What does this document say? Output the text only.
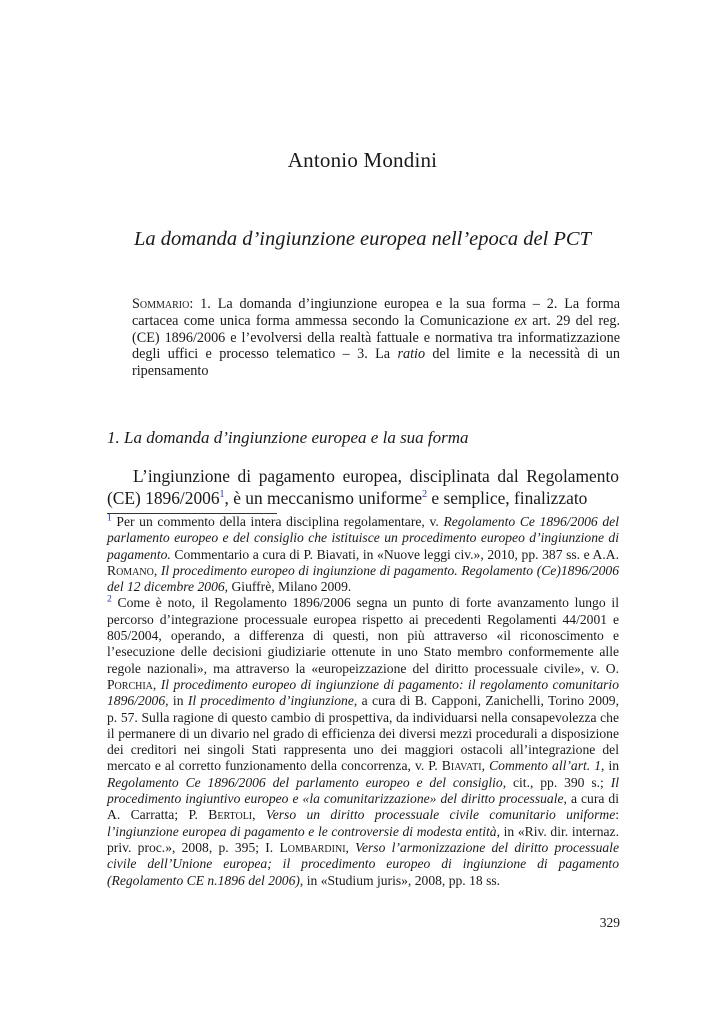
Antonio Mondini
La domanda d’ingiunzione europea nell’epoca del PCT
Sommario: 1. La domanda d’ingiunzione europea e la sua forma – 2. La forma cartacea come unica forma ammessa secondo la Comunicazione ex art. 29 del reg. (CE) 1896/2006 e l’evolversi della realtà fattuale e normativa tra informatizzazione degli uffici e processo telematico – 3. La ratio del limite e la necessità di un ripensamento
1. La domanda d’ingiunzione europea e la sua forma
L’ingiunzione di pagamento europea, disciplinata dal Regolamento (CE) 1896/2006$^1$, è un meccanismo uniforme$^2$ e semplice, finalizzato

$^1$ Per un commento della intera disciplina regolamentare, v. Regolamento Ce 1896/2006 del parlamento europeo e del consiglio che istituisce un procedimento europeo d’ingiunzione di pagamento. Commentario a cura di P. Biavati, in «Nuove leggi civ.», 2010, pp. 387 ss. e A.A. Romano, Il procedimento europeo di ingiunzione di pagamento. Regolamento (Ce)1896/2006 del 12 dicembre 2006, Giuffrè, Milano 2009.

$^2$ Come è noto, il Regolamento 1896/2006 segna un punto di forte avanzamento lungo il percorso d’integrazione processuale europea rispetto ai precedenti Regolamenti 44/2001 e 805/2004, operando, a differenza di questi, non più attraverso «il riconoscimento e l’esecuzione delle decisioni giudiziarie ottenute in uno Stato membro conformemente alle regole nazionali», ma attraverso la «europeizzazione del diritto processuale civile», v. O. Porchia, Il procedimento europeo di ingiunzione di pagamento: il regolamento comunitario 1896/2006, in Il procedimento d’ingiunzione, a cura di B. Capponi, Zanichelli, Torino 2009, p. 57. Sulla ragione di questo cambio di prospettiva, da individuarsi nella consapevolezza che il permanere di un divario nel grado di efficienza dei diversi mezzi procedurali a disposizione dei creditori nei singoli Stati rappresenta uno dei maggiori ostacoli all’integrazione del mercato e al corretto funzionamento della concorrenza, v. P. Biavati, Commento all’art. 1, in Regolamento Ce 1896/2006 del parlamento europeo e del consiglio, cit., pp. 390 s.; Il procedimento ingiuntivo europeo e «la comunitarizzazione» del diritto processuale, a cura di A. Carratta; P. Bertoli, Verso un diritto processuale civile comunitario uniforme: l’ingiunzione europea di pagamento e le controversie di modesta entità, in «Riv. dir. internaz. priv. proc.», 2008, p. 395; I. Lombardini, Verso l’armonizzazione del diritto processuale civile dell’Unione europea; il procedimento europeo di ingiunzione di pagamento (Regolamento CE n.1896 del 2006), in «Studium juris», 2008, pp. 18 ss.

329
